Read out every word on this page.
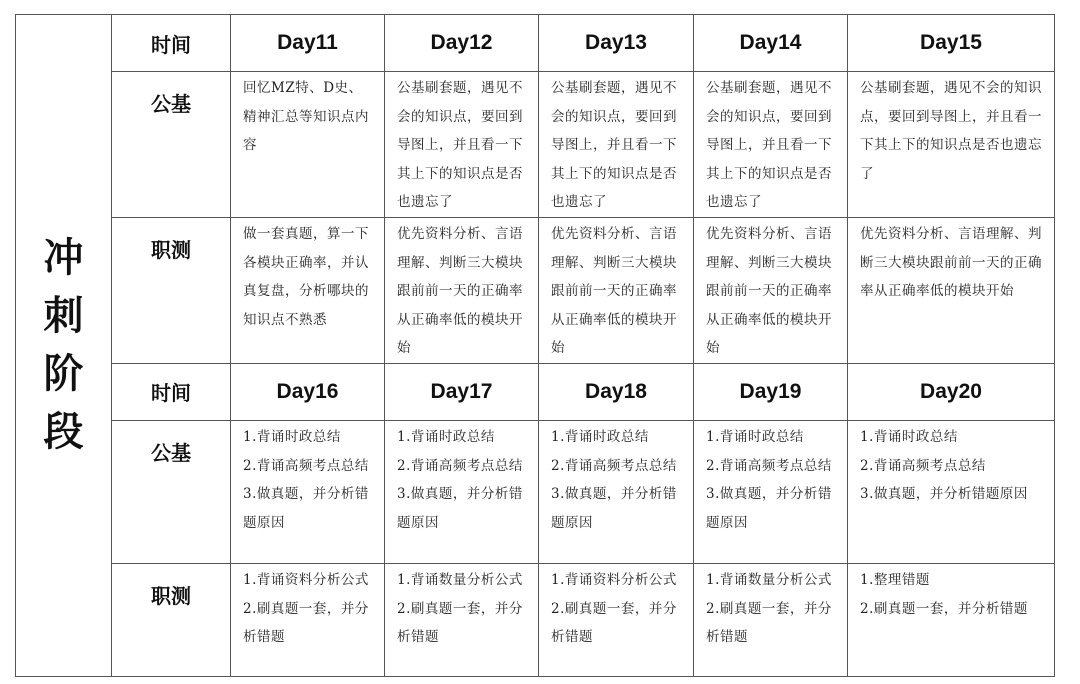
冲
刺
阶
段	时间	Day11	Day12	Day13	Day14	Day15
	公基	回忆MZ特、D史、精神汇总等知识点内容	公基刷套题，遇见不会的知识点，要回到导图上，并且看一下其上下的知识点是否也遗忘了	公基刷套题，遇见不会的知识点，要回到导图上，并且看一下其上下的知识点是否也遗忘了	公基刷套题，遇见不会的知识点，要回到导图上，并且看一下其上下的知识点是否也遗忘了	公基刷套题，遇见不会的知识点，要回到导图上，并且看一下其上下的知识点是否也遗忘了
	职测	做一套真题，算一下各模块正确率，并认真复盘，分析哪块的知识点不熟悉	优先资料分析、言语理解、判断三大模块跟前前一天的正确率从正确率低的模块开始	优先资料分析、言语理解、判断三大模块跟前前一天的正确率从正确率低的模块开始	优先资料分析、言语理解、判断三大模块跟前前一天的正确率从正确率低的模块开始	优先资料分析、言语理解、判断三大模块跟前前一天的正确率从正确率低的模块开始
	时间	Day16	Day17	Day18	Day19	Day20
	公基	1.背诵时政总结
2.背诵高频考点总结
3.做真题，并分析错题原因	1.背诵时政总结
2.背诵高频考点总结
3.做真题，并分析错题原因	1.背诵时政总结
2.背诵高频考点总结
3.做真题，并分析错题原因	1.背诵时政总结
2.背诵高频考点总结
3.做真题，并分析错题原因	1.背诵时政总结
2.背诵高频考点总结
3.做真题，并分析错题原因
	职测	1.背诵资料分析公式
2.刷真题一套，并分析错题	1.背诵数量分析公式
2.刷真题一套，并分析错题	1.背诵资料分析公式
2.刷真题一套，并分析错题	1.背诵数量分析公式
2.刷真题一套，并分析错题	1.整理错题
2.刷真题一套，并分析错题
